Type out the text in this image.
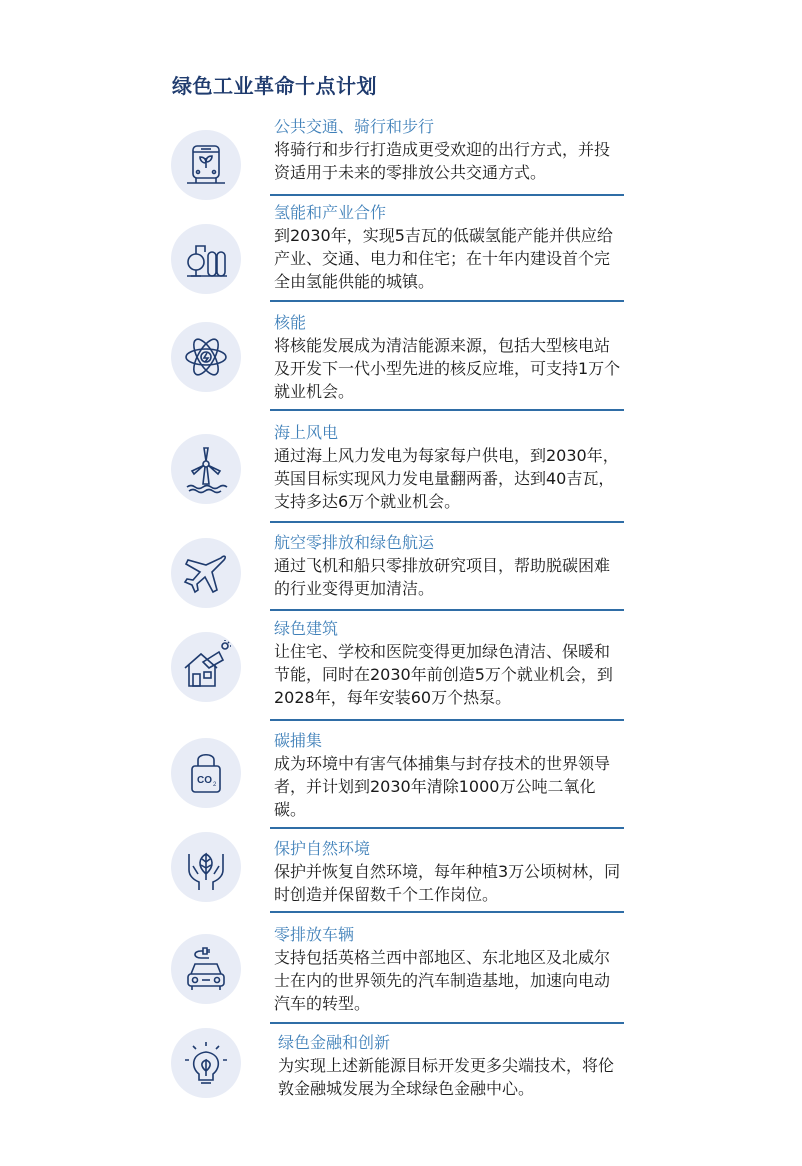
绿色工业革命十点计划
公共交通、骑行和步行
将骑行和步行打造成更受欢迎的出行方式，并投资适用于未来的零排放公共交通方式。
氢能和产业合作
到2030年，实现5吉瓦的低碳氢能产能并供应给产业、交通、电力和住宅；在十年内建设首个完全由氢能供能的城镇。
核能
将核能发展成为清洁能源来源，包括大型核电站及开发下一代小型先进的核反应堆，可支持1万个就业机会。
海上风电
通过海上风力发电为每家每户供电，到2030年，英国目标实现风力发电量翻两番，达到40吉瓦，支持多达6万个就业机会。
航空零排放和绿色航运
通过飞机和船只零排放研究项目，帮助脱碳困难的行业变得更加清洁。
绿色建筑
让住宅、学校和医院变得更加绿色清洁、保暖和节能，同时在2030年前创造5万个就业机会，到2028年，每年安装60万个热泵。
CO 2
碳捕集
成为环境中有害气体捕集与封存技术的世界领导者，并计划到2030年清除1000万公吨二氧化碳。
保护自然环境
保护并恢复自然环境，每年种植3万公顷树林，同时创造并保留数千个工作岗位。
零排放车辆
支持包括英格兰西中部地区、东北地区及北威尔士在内的世界领先的汽车制造基地，加速向电动汽车的转型。
绿色金融和创新
为实现上述新能源目标开发更多尖端技术，将伦敦金融城发展为全球绿色金融中心。
